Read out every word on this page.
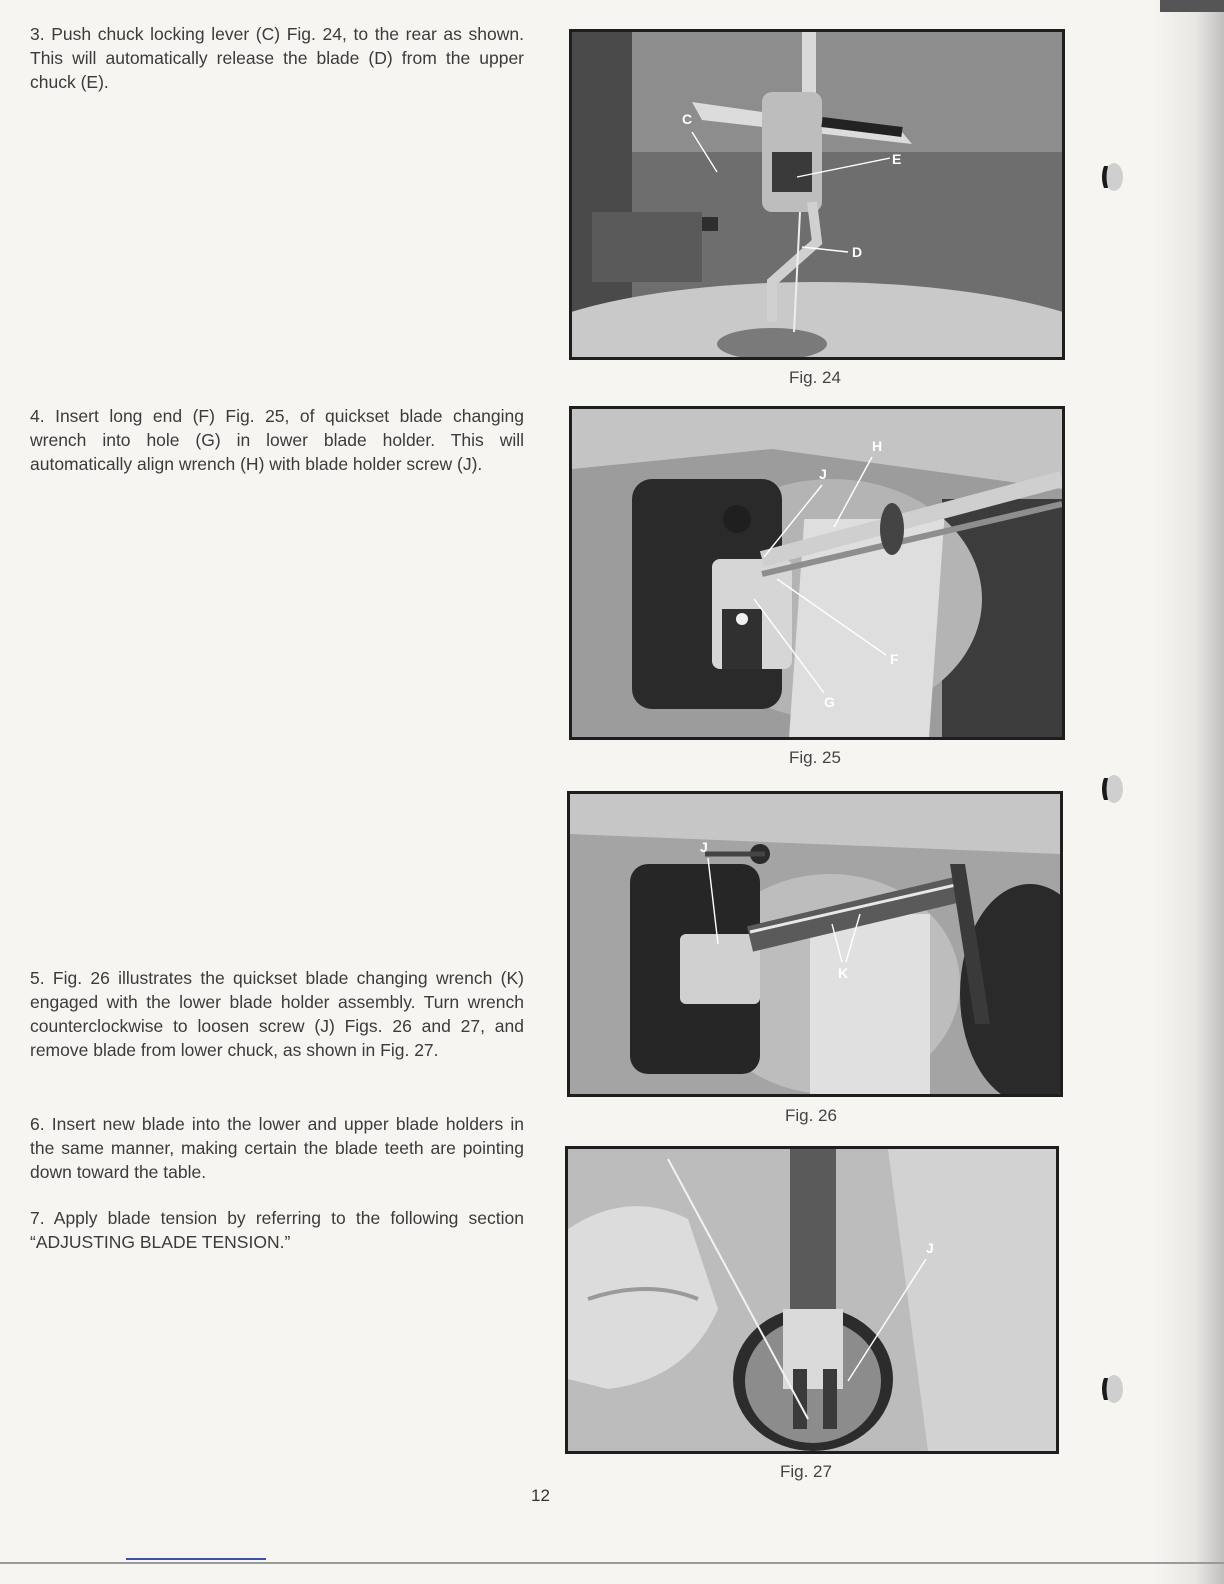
3. Push chuck locking lever (C) Fig. 24, to the rear as shown. This will automatically release the blade (D) from the upper chuck (E).

4. Insert long end (F) Fig. 25, of quickset blade changing wrench into hole (G) in lower blade holder. This will automatically align wrench (H) with blade holder screw (J).

5. Fig. 26 illustrates the quickset blade changing wrench (K) engaged with the lower blade holder assembly. Turn wrench counterclockwise to loosen screw (J) Figs. 26 and 27, and remove blade from lower chuck, as shown in Fig. 27.

6. Insert new blade into the lower and upper blade holders in the same manner, making certain the blade teeth are pointing down toward the table.

7. Apply blade tension by referring to the following section “ADJUSTING BLADE TENSION.”

C
E
D

Fig. 24

H
J
F
G

Fig. 25

J
K

Fig. 26

J

Fig. 27

12
